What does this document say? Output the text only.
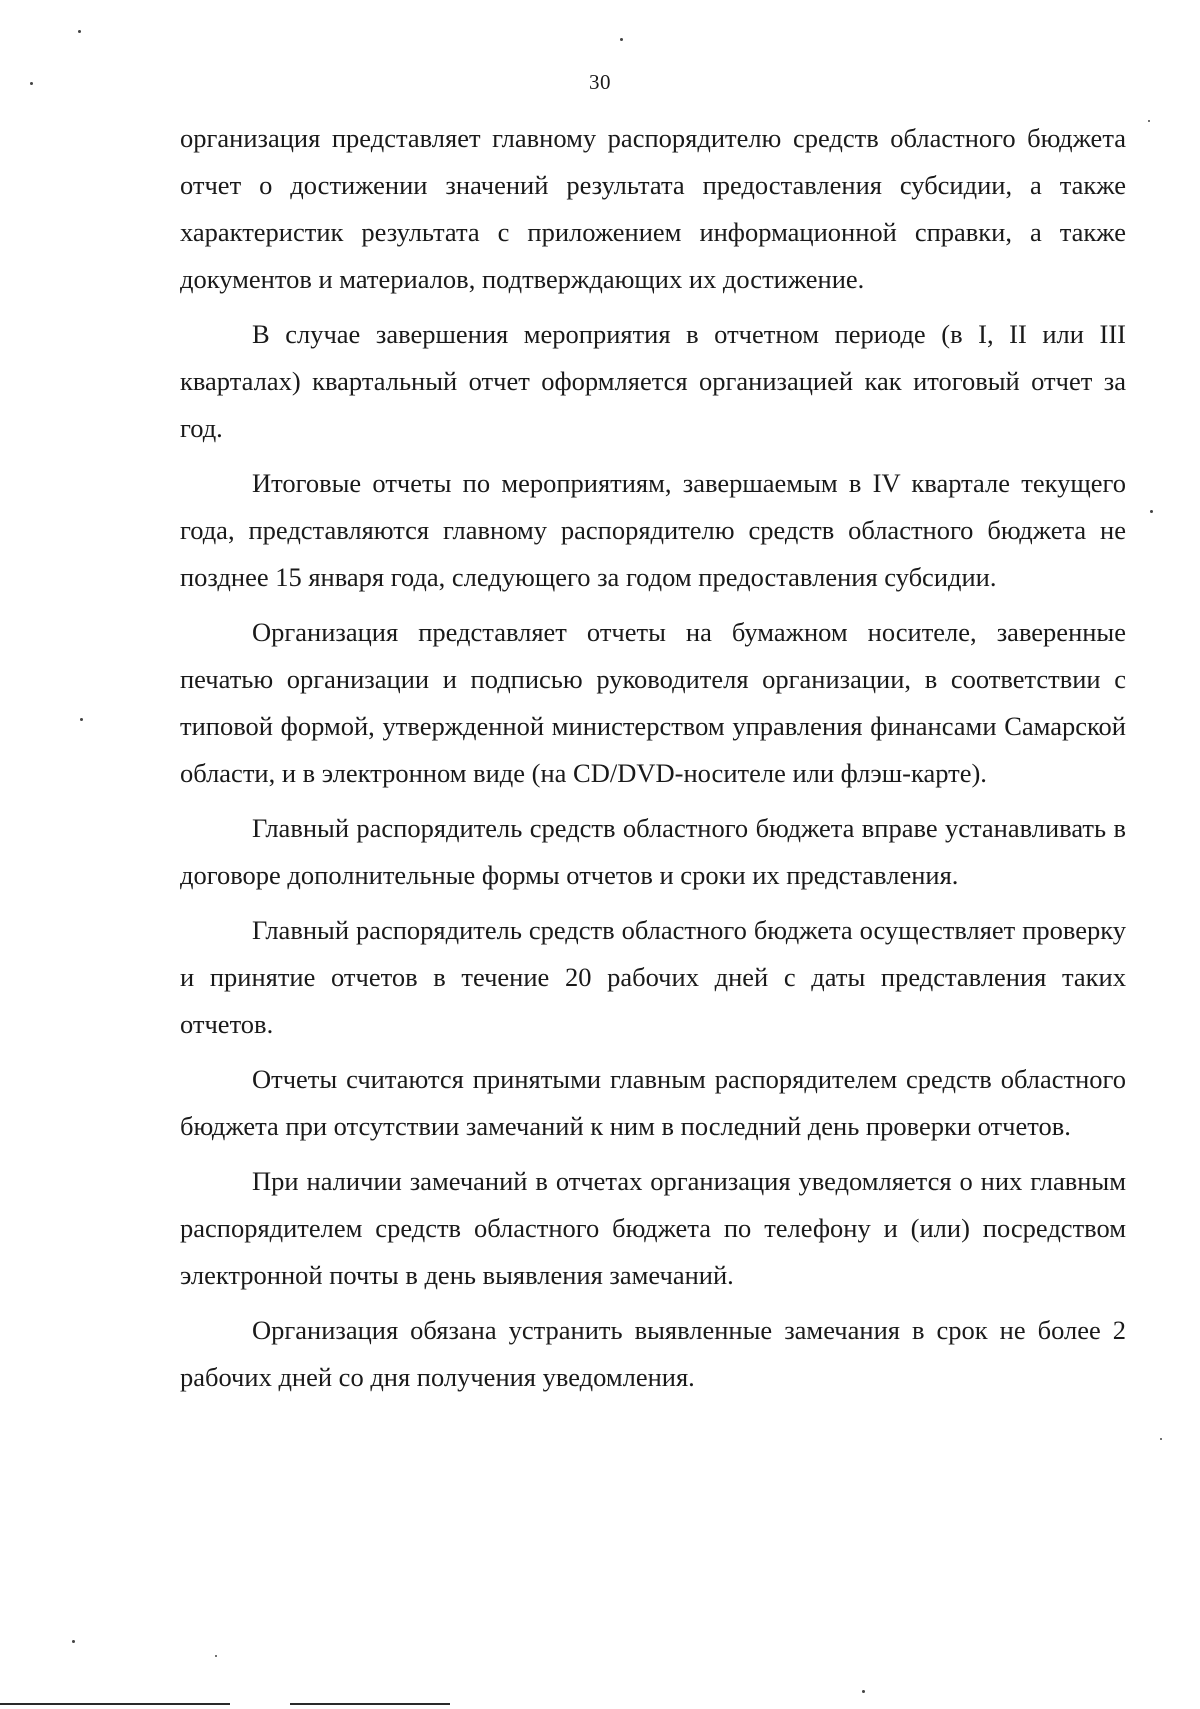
30

организация представляет главному распорядителю средств областного бюджета отчет о достижении значений результата предоставления субсидии, а также характеристик результата с приложением информационной справки, а также документов и материалов, подтверждающих их достижение.

В случае завершения мероприятия в отчетном периоде (в I, II или III кварталах) квартальный отчет оформляется организацией как итоговый отчет за год.

Итоговые отчеты по мероприятиям, завершаемым в IV квартале текущего года, представляются главному распорядителю средств областного бюджета не позднее 15 января года, следующего за годом предоставления субсидии.

Организация представляет отчеты на бумажном носителе, заверенные печатью организации и подписью руководителя организации, в соответствии с типовой формой, утвержденной министерством управления финансами Самарской области, и в электронном виде (на CD/DVD-носителе или флэш-карте).

Главный распорядитель средств областного бюджета вправе устанавливать в договоре дополнительные формы отчетов и сроки их представления.

Главный распорядитель средств областного бюджета осуществляет проверку и принятие отчетов в течение 20 рабочих дней с даты представления таких отчетов.

Отчеты считаются принятыми главным распорядителем средств областного бюджета при отсутствии замечаний к ним в последний день проверки отчетов.

При наличии замечаний в отчетах организация уведомляется о них главным распорядителем средств областного бюджета по телефону и (или) посредством электронной почты в день выявления замечаний.

Организация обязана устранить выявленные замечания в срок не более 2 рабочих дней со дня получения уведомления.
